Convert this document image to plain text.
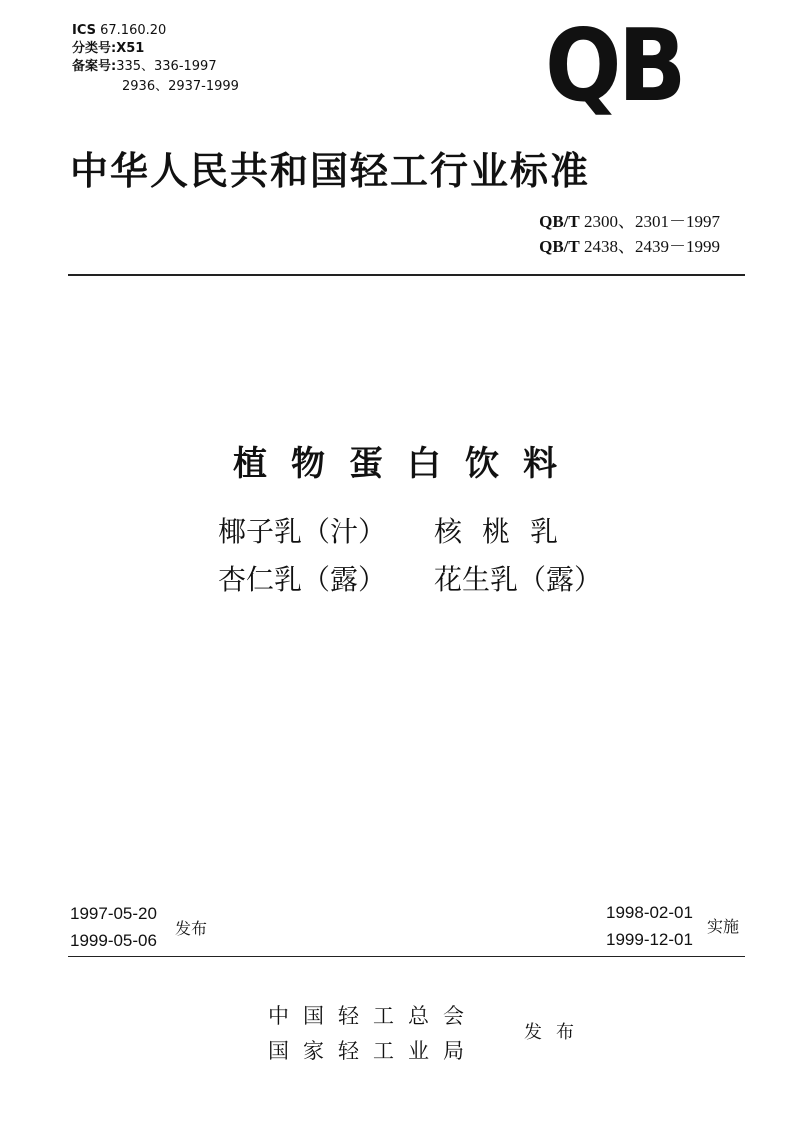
ICS 67.160.20
分类号:X51
备案号:335、336-1997
2936、2937-1999	QB
中华人民共和国轻工行业标准
QB/T 2300、2301－1997
QB/T 2438、2439－1999
植物蛋白饮料
椰子乳（汁） 核桃乳
杏仁乳（露） 花生乳（露）
1997-05-20
1999-05-06
发布
1998-02-01
1999-12-01
实施
中国轻工总会
国家轻工业局
发布
